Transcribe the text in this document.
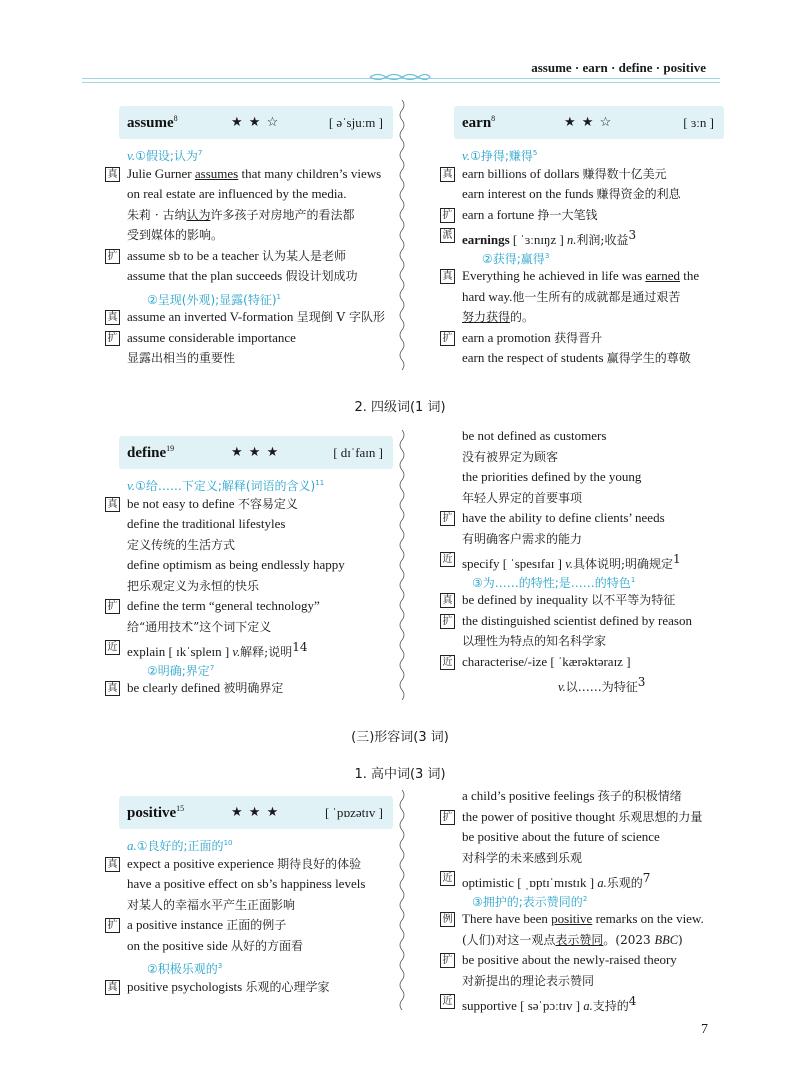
assume · earn · define · positive
assume$^8$	★ ★ ☆	[ əˈsjuːm ]
v.①假设;认为$^7$
真 Julie Gurner assumes that many children’s views
on real estate are influenced by the media.
朱莉 · 古纳认为许多孩子对房地产的看法都
受到媒体的影响。
扩 assume sb to be a teacher 认为某人是老师
assume that the plan succeeds 假设计划成功
②呈现(外观);显露(特征)$^1$
真 assume an inverted V-formation 呈现倒 V 字队形
扩 assume considerable importance
显露出相当的重要性
earn$^8$	★ ★ ☆	[ ɜːn ]
v.①挣得;赚得$^5$
真 earn billions of dollars 赚得数十亿美元
earn interest on the funds 赚得资金的利息
扩 earn a fortune 挣一大笔钱
派 earnings [ ˈɜːnɪŋz ] n.利润;收益$^3$
②获得;赢得$^3$
真 Everything he achieved in life was earned the
hard way.他一生所有的成就都是通过艰苦
努力获得的。
扩 earn a promotion 获得晋升
earn the respect of students 赢得学生的尊敬
2. 四级词(1 词)
define$^{19}$	★ ★ ★	[ dɪˈfaɪn ]
v.①给……下定义;解释(词语的含义)$^{11}$
真 be not easy to define 不容易定义
define the traditional lifestyles
定义传统的生活方式
define optimism as being endlessly happy
把乐观定义为永恒的快乐
扩 define the term “general technology”
给“通用技术”这个词下定义
近 explain [ ɪkˈspleɪn ] v.解释;说明$^{14}$
②明确;界定$^7$
真 be clearly defined 被明确界定
be not defined as customers
没有被界定为顾客
the priorities defined by the young
年轻人界定的首要事项
扩 have the ability to define clients’ needs
有明确客户需求的能力
近 specify [ ˈspesɪfaɪ ] v.具体说明;明确规定$^1$
③为……的特性;是……的特色$^1$
真 be defined by inequality 以不平等为特征
扩 the distinguished scientist defined by reason
以理性为特点的知名科学家
近 characterise/-ize [ ˈkærəktəraɪz ]
v.以……为特征$^3$
(三)形容词(3 词)
1. 高中词(3 词)
positive$^{15}$	★ ★ ★	[ ˈpɒzətɪv ]
a.①良好的;正面的$^{10}$
真 expect a positive experience 期待良好的体验
have a positive effect on sb’s happiness levels
对某人的幸福水平产生正面影响
扩 a positive instance 正面的例子
on the positive side 从好的方面看
②积极乐观的$^3$
真 positive psychologists 乐观的心理学家
a child’s positive feelings 孩子的积极情绪
扩 the power of positive thought 乐观思想的力量
be positive about the future of science
对科学的未来感到乐观
近 optimistic [ ˌɒptɪˈmɪstɪk ] a.乐观的$^7$
③拥护的;表示赞同的$^2$
例 There have been positive remarks on the view.
(人们)对这一观点表示赞同。(2023 BBC)
扩 be positive about the newly-raised theory
对新提出的理论表示赞同
近 supportive [ səˈpɔːtɪv ] a.支持的$^4$
7
